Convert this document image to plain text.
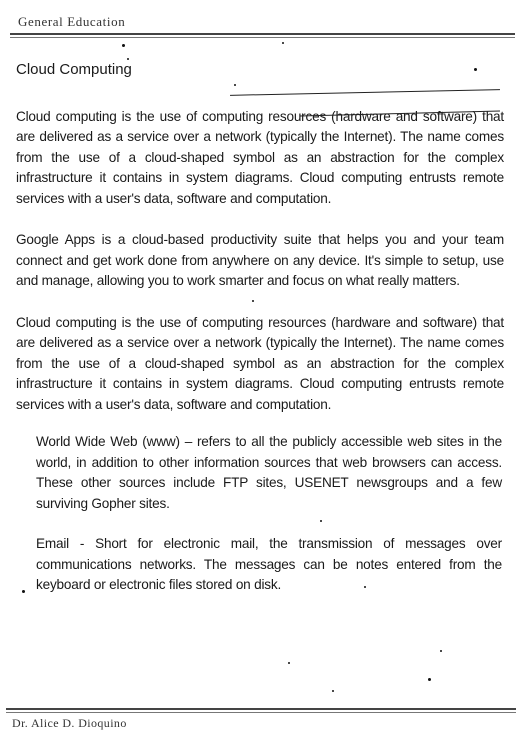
General Education
Cloud Computing

Cloud computing is the use of computing resources (hardware and software) that are delivered as a service over a network (typically the Internet). The name comes from the use of a cloud-shaped symbol as an abstraction for the complex infrastructure it contains in system diagrams. Cloud computing entrusts remote services with a user's data, software and computation.

Google Apps is a cloud-based productivity suite that helps you and your team connect and get work done from anywhere on any device. It's simple to setup, use and manage, allowing you to work smarter and focus on what really matters.

Cloud computing is the use of computing resources (hardware and software) that are delivered as a service over a network (typically the Internet). The name comes from the use of a cloud-shaped symbol as an abstraction for the complex infrastructure it contains in system diagrams. Cloud computing entrusts remote services with a user's data, software and computation.

World Wide Web (www) – refers to all the publicly accessible web sites in the world, in addition to other information sources that web browsers can access. These other sources include FTP sites, USENET newsgroups and a few surviving Gopher sites.

Email - Short for electronic mail, the transmission of messages over communications networks. The messages can be notes entered from the keyboard or electronic files stored on disk.

Dr. Alice D. Dioquino
